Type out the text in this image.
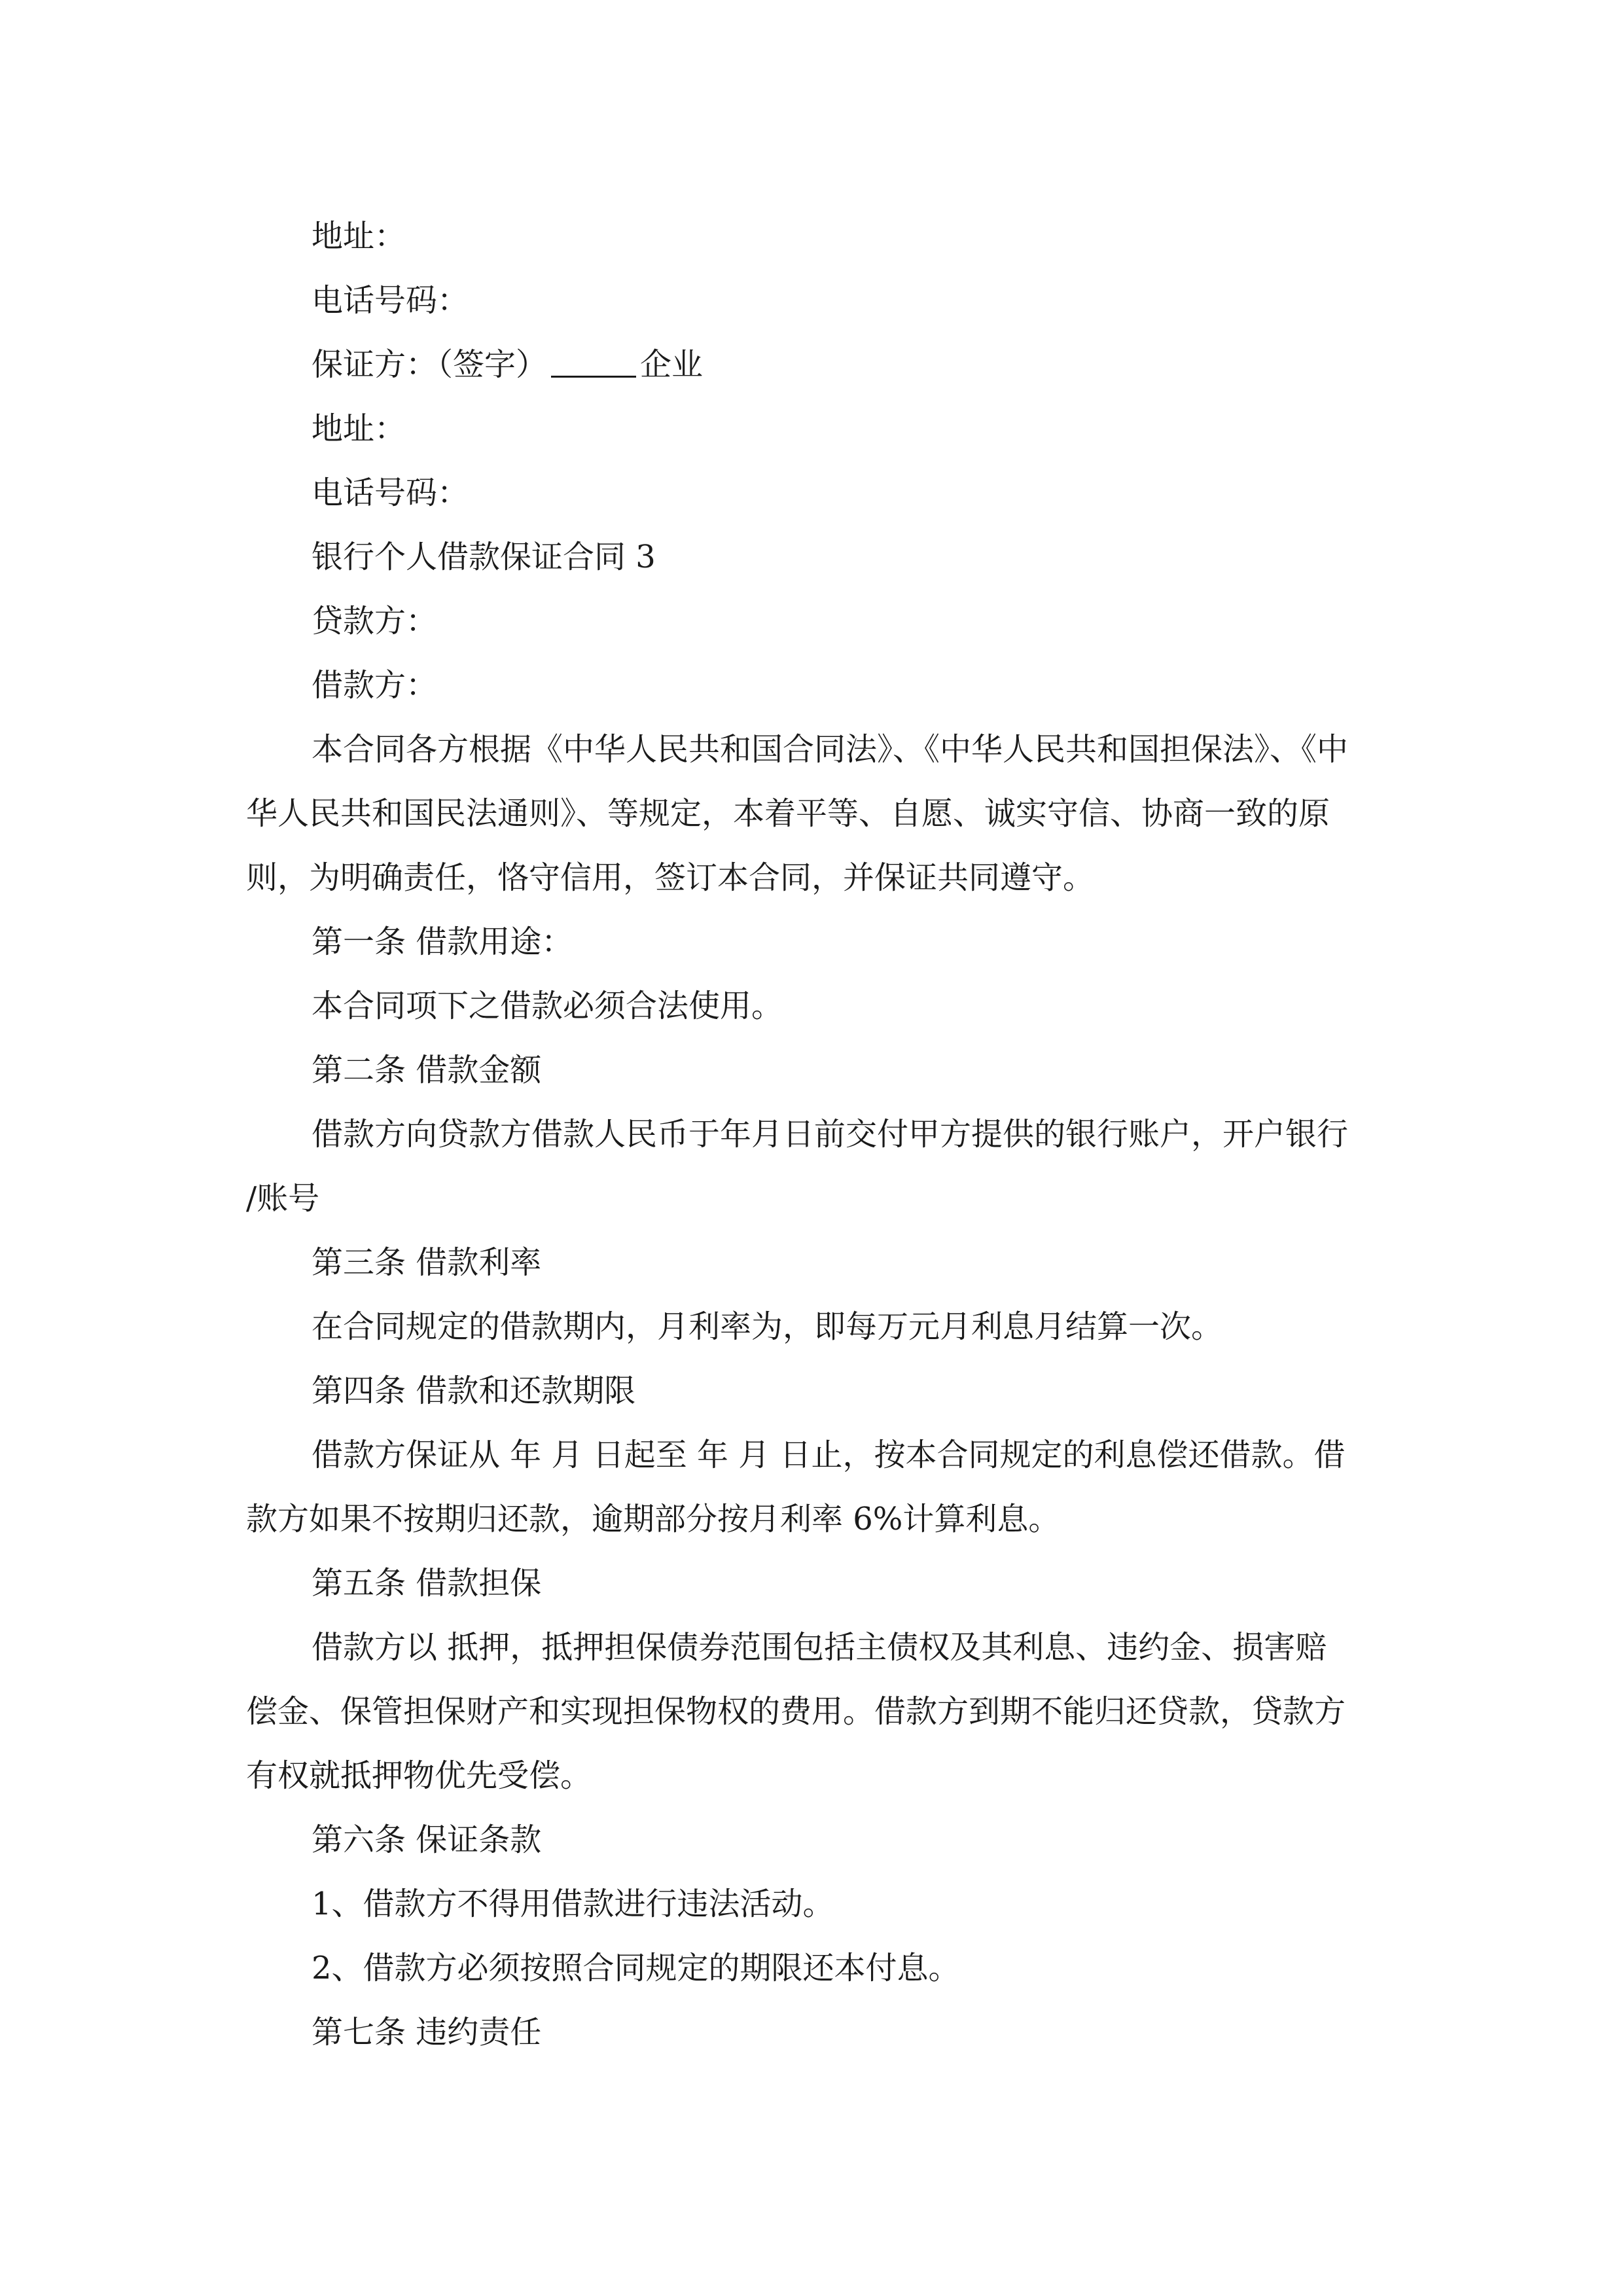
地址：

电话号码：

保证方：（签字）	企业

地址：

电话号码：

银行个人借款保证合同 3

贷款方：

借款方：

本合同各方根据《中华人民共和国合同法》、《中华人民共和国担保法》、《中

华人民共和国民法通则》、等规定，本着平等、自愿、诚实守信、协商一致的原

则，为明确责任，恪守信用，签订本合同，并保证共同遵守。

第一条 借款用途：

本合同项下之借款必须合法使用。

第二条 借款金额

借款方向贷款方借款人民币于年月日前交付甲方提供的银行账户，开户银行

/账号

第三条 借款利率

在合同规定的借款期内，月利率为，即每万元月利息月结算一次。

第四条 借款和还款期限

借款方保证从 年 月 日起至 年 月 日止，按本合同规定的利息偿还借款。借

款方如果不按期归还款，逾期部分按月利率 6%计算利息。

第五条 借款担保

借款方以 抵押，抵押担保债券范围包括主债权及其利息、违约金、损害赔

偿金、保管担保财产和实现担保物权的费用。借款方到期不能归还贷款，贷款方

有权就抵押物优先受偿。

第六条 保证条款

1、借款方不得用借款进行违法活动。

2、借款方必须按照合同规定的期限还本付息。

第七条 违约责任
